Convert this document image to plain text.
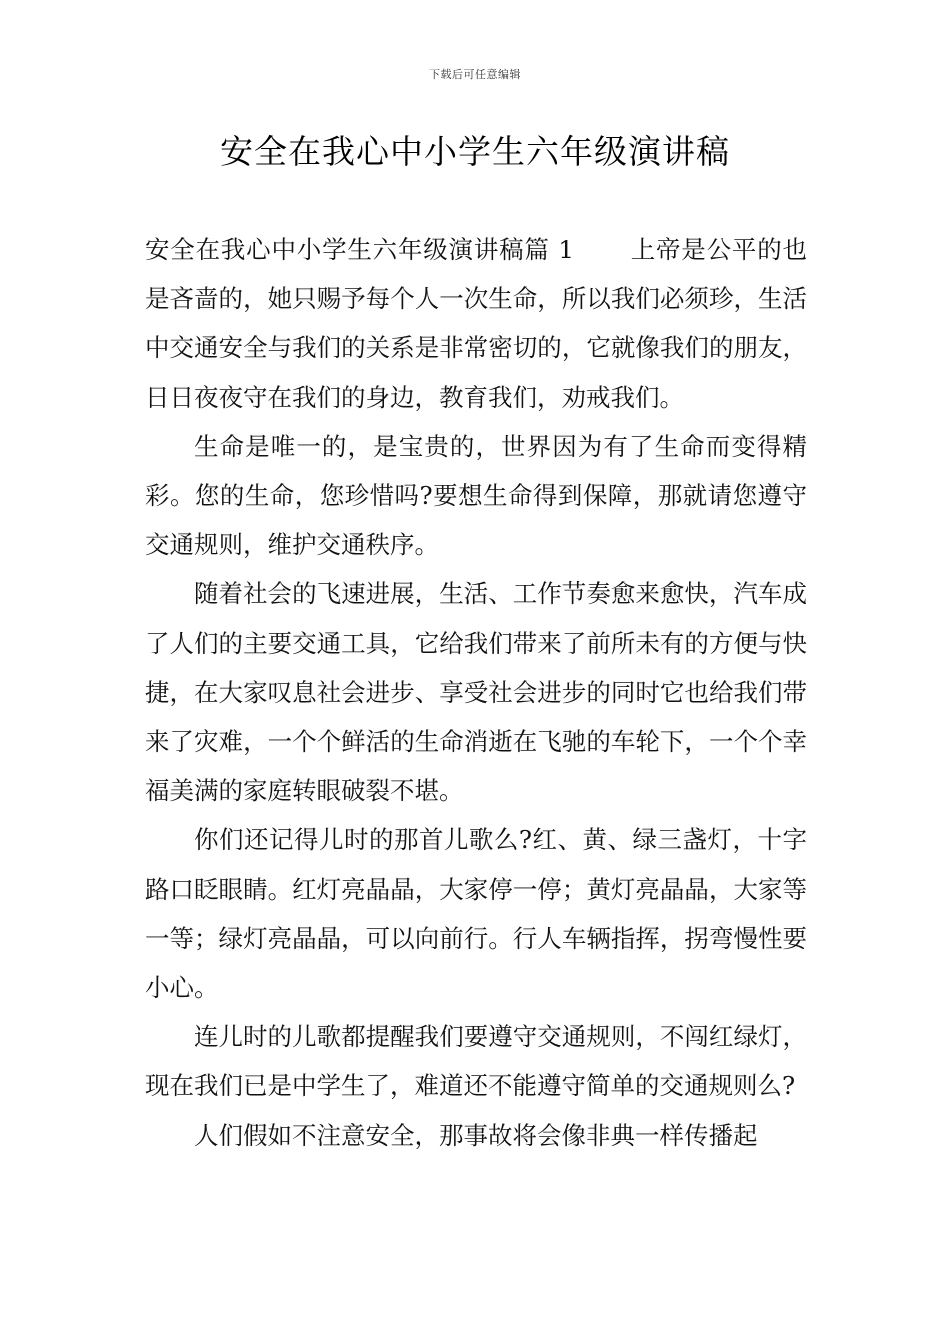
下载后可任意编辑
安全在我心中小学生六年级演讲稿

安全在我心中小学生六年级演讲稿篇 1 上帝是公平的也是吝啬的，她只赐予每个人一次生命，所以我们必须珍，生活中交通安全与我们的关系是非常密切的，它就像我们的朋友，日日夜夜守在我们的身边，教育我们，劝戒我们。

生命是唯一的，是宝贵的，世界因为有了生命而变得精彩。您的生命，您珍惜吗?要想生命得到保障，那就请您遵守交通规则，维护交通秩序。

随着社会的飞速进展，生活、工作节奏愈来愈快，汽车成了人们的主要交通工具，它给我们带来了前所未有的方便与快捷，在大家叹息社会进步、享受社会进步的同时它也给我们带来了灾难，一个个鲜活的生命消逝在飞驰的车轮下，一个个幸福美满的家庭转眼破裂不堪。

你们还记得儿时的那首儿歌么?红、黄、绿三盏灯，十字路口眨眼睛。红灯亮晶晶，大家停一停；黄灯亮晶晶，大家等一等；绿灯亮晶晶，可以向前行。行人车辆指挥，拐弯慢性要小心。

连儿时的儿歌都提醒我们要遵守交通规则，不闯红绿灯，现在我们已是中学生了，难道还不能遵守简单的交通规则么?

人们假如不注意安全，那事故将会像非典一样传播起
